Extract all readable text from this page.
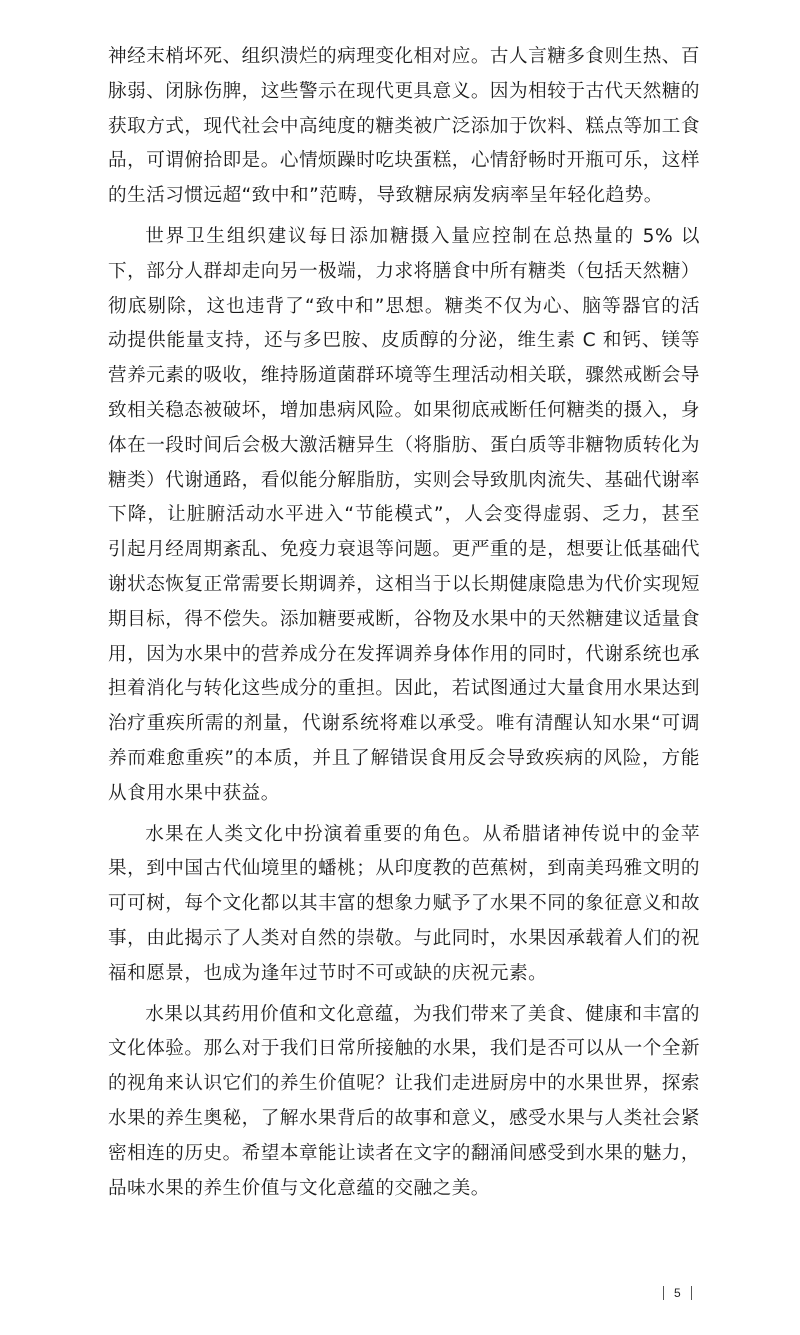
神经末梢坏死、组织溃烂的病理变化相对应。古人言糖多食则生热、百脉弱、闭脉伤脾，这些警示在现代更具意义。因为相较于古代天然糖的获取方式，现代社会中高纯度的糖类被广泛添加于饮料、糕点等加工食品，可谓俯拾即是。心情烦躁时吃块蛋糕，心情舒畅时开瓶可乐，这样的生活习惯远超“致中和”范畴，导致糖尿病发病率呈年轻化趋势。

世界卫生组织建议每日添加糖摄入量应控制在总热量的 5% 以下，部分人群却走向另一极端，力求将膳食中所有糖类（包括天然糖）彻底剔除，这也违背了“致中和”思想。糖类不仅为心、脑等器官的活动提供能量支持，还与多巴胺、皮质醇的分泌，维生素 C 和钙、镁等营养元素的吸收，维持肠道菌群环境等生理活动相关联，骤然戒断会导致相关稳态被破坏，增加患病风险。如果彻底戒断任何糖类的摄入，身体在一段时间后会极大激活糖异生（将脂肪、蛋白质等非糖物质转化为糖类）代谢通路，看似能分解脂肪，实则会导致肌肉流失、基础代谢率下降，让脏腑活动水平进入“节能模式”，人会变得虚弱、乏力，甚至引起月经周期紊乱、免疫力衰退等问题。更严重的是，想要让低基础代谢状态恢复正常需要长期调养，这相当于以长期健康隐患为代价实现短期目标，得不偿失。添加糖要戒断，谷物及水果中的天然糖建议适量食用，因为水果中的营养成分在发挥调养身体作用的同时，代谢系统也承担着消化与转化这些成分的重担。因此，若试图通过大量食用水果达到治疗重疾所需的剂量，代谢系统将难以承受。唯有清醒认知水果“可调养而难愈重疾”的本质，并且了解错误食用反会导致疾病的风险，方能从食用水果中获益。

水果在人类文化中扮演着重要的角色。从希腊诸神传说中的金苹果，到中国古代仙境里的蟠桃；从印度教的芭蕉树，到南美玛雅文明的可可树，每个文化都以其丰富的想象力赋予了水果不同的象征意义和故事，由此揭示了人类对自然的崇敬。与此同时，水果因承载着人们的祝福和愿景，也成为逢年过节时不可或缺的庆祝元素。

水果以其药用价值和文化意蕴，为我们带来了美食、健康和丰富的文化体验。那么对于我们日常所接触的水果，我们是否可以从一个全新的视角来认识它们的养生价值呢？让我们走进厨房中的水果世界，探索水果的养生奥秘，了解水果背后的故事和意义，感受水果与人类社会紧密相连的历史。希望本章能让读者在文字的翻涌间感受到水果的魅力，品味水果的养生价值与文化意蕴的交融之美。

5
